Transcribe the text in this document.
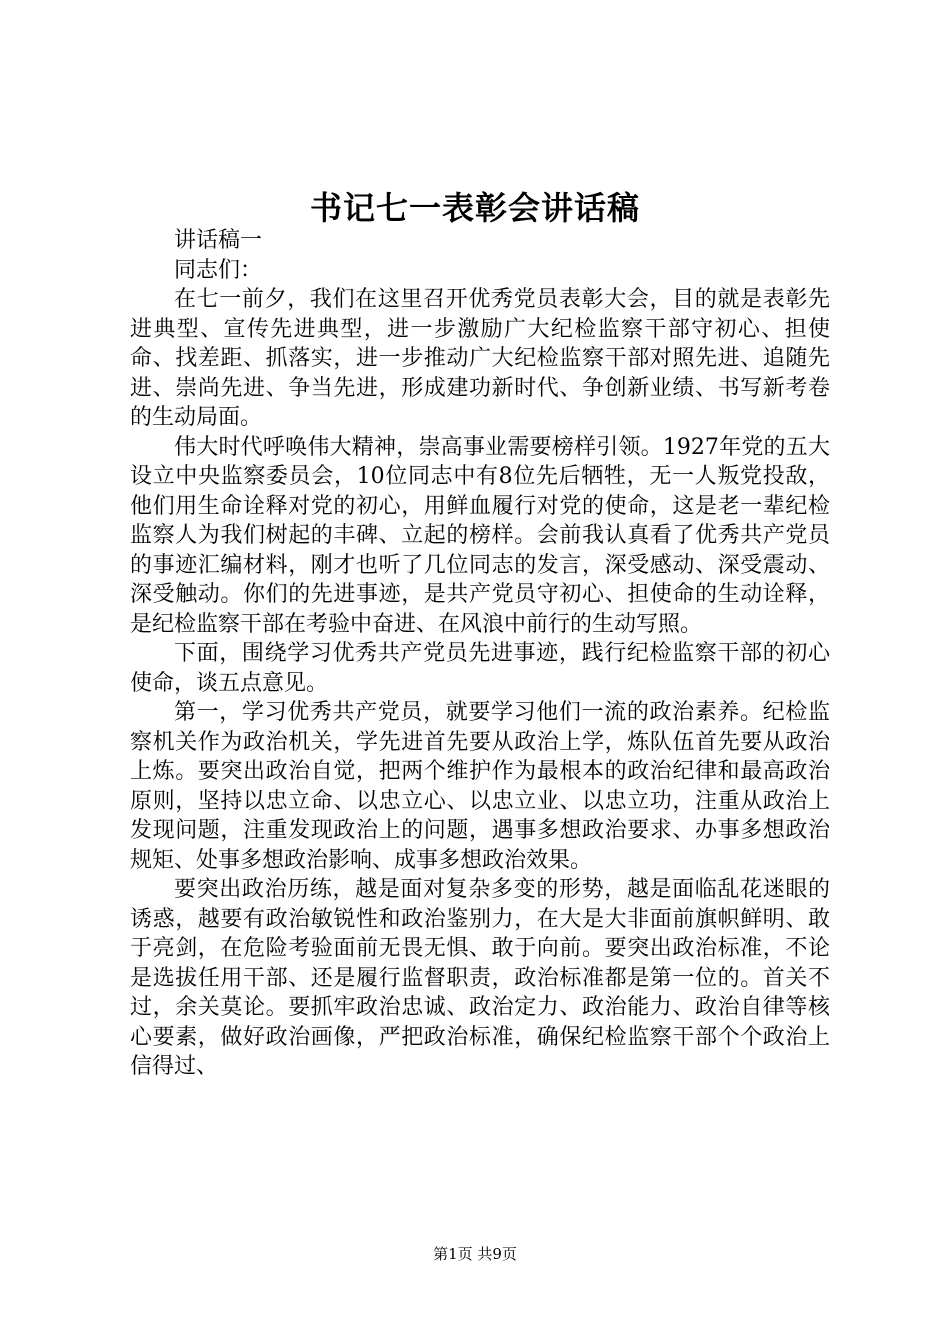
书记七一表彰会讲话稿

讲话稿一

同志们：

在七一前夕，我们在这里召开优秀党员表彰大会，目的就是表彰先进典型、宣传先进典型，进一步激励广大纪检监察干部守初心、担使命、找差距、抓落实，进一步推动广大纪检监察干部对照先进、追随先进、崇尚先进、争当先进，形成建功新时代、争创新业绩、书写新考卷的生动局面。

伟大时代呼唤伟大精神，崇高事业需要榜样引领。1927年党的五大设立中央监察委员会，10位同志中有8位先后牺牲，无一人叛党投敌，他们用生命诠释对党的初心，用鲜血履行对党的使命，这是老一辈纪检监察人为我们树起的丰碑、立起的榜样。会前我认真看了优秀共产党员的事迹汇编材料，刚才也听了几位同志的发言，深受感动、深受震动、深受触动。你们的先进事迹，是共产党员守初心、担使命的生动诠释，是纪检监察干部在考验中奋进、在风浪中前行的生动写照。

下面，围绕学习优秀共产党员先进事迹，践行纪检监察干部的初心使命，谈五点意见。

第一，学习优秀共产党员，就要学习他们一流的政治素养。纪检监察机关作为政治机关，学先进首先要从政治上学，炼队伍首先要从政治上炼。要突出政治自觉，把两个维护作为最根本的政治纪律和最高政治原则，坚持以忠立命、以忠立心、以忠立业、以忠立功，注重从政治上发现问题，注重发现政治上的问题，遇事多想政治要求、办事多想政治规矩、处事多想政治影响、成事多想政治效果。

要突出政治历练，越是面对复杂多变的形势，越是面临乱花迷眼的诱惑，越要有政治敏锐性和政治鉴别力，在大是大非面前旗帜鲜明、敢于亮剑，在危险考验面前无畏无惧、敢于向前。要突出政治标准，不论是选拔任用干部、还是履行监督职责，政治标准都是第一位的。首关不过，余关莫论。要抓牢政治忠诚、政治定力、政治能力、政治自律等核心要素，做好政治画像，严把政治标准，确保纪检监察干部个个政治上信得过、

第1页 共9页
